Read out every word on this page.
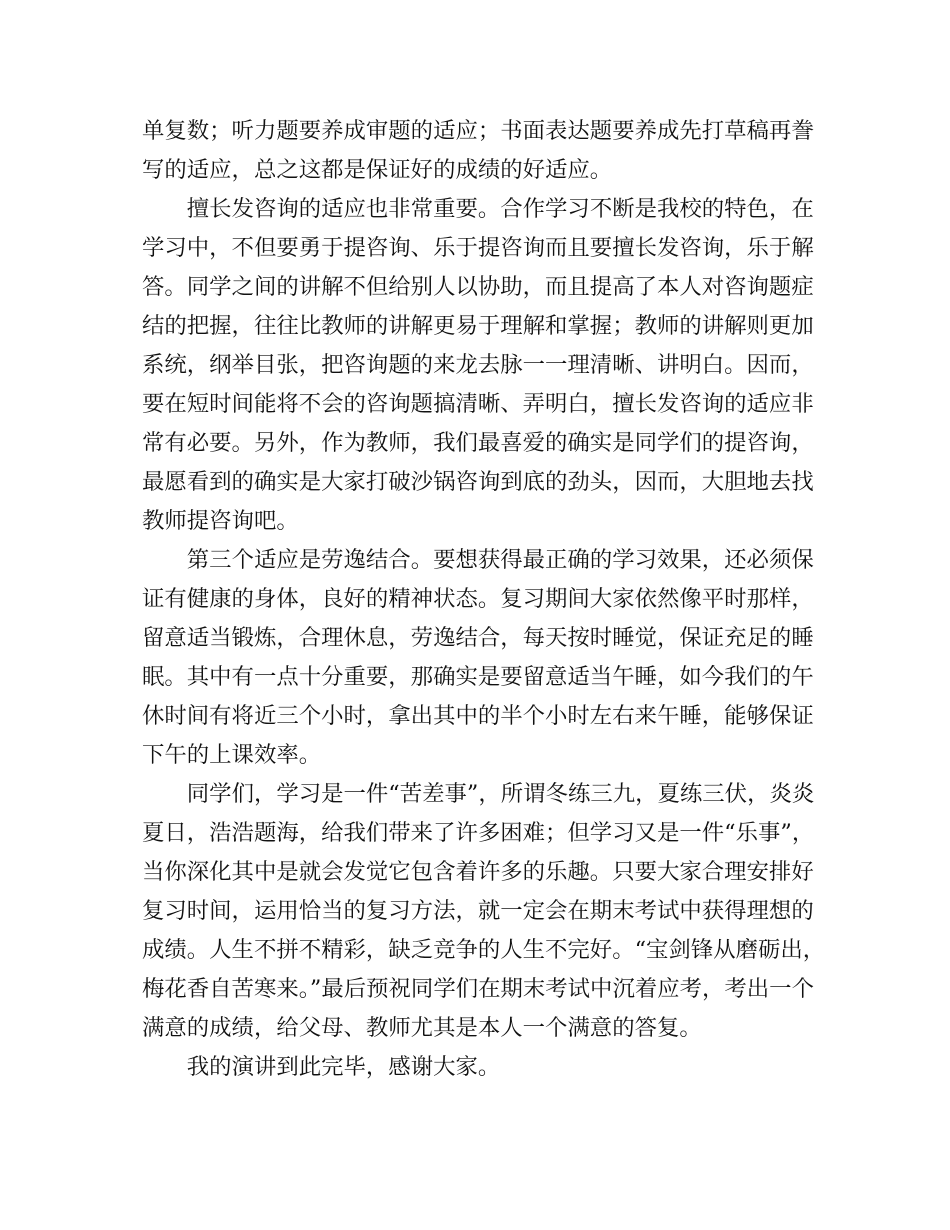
单复数；听力题要养成审题的适应；书面表达题要养成先打草稿再誊写的适应，总之这都是保证好的成绩的好适应。

擅长发咨询的适应也非常重要。合作学习不断是我校的特色，在学习中，不但要勇于提咨询、乐于提咨询而且要擅长发咨询，乐于解答。同学之间的讲解不但给别人以协助，而且提高了本人对咨询题症结的把握，往往比教师的讲解更易于理解和掌握；教师的讲解则更加系统，纲举目张，把咨询题的来龙去脉一一理清晰、讲明白。因而，要在短时间能将不会的咨询题搞清晰、弄明白，擅长发咨询的适应非常有必要。另外，作为教师，我们最喜爱的确实是同学们的提咨询，最愿看到的确实是大家打破沙锅咨询到底的劲头，因而，大胆地去找教师提咨询吧。

第三个适应是劳逸结合。要想获得最正确的学习效果，还必须保证有健康的身体，良好的精神状态。复习期间大家依然像平时那样，留意适当锻炼，合理休息，劳逸结合，每天按时睡觉，保证充足的睡眠。其中有一点十分重要，那确实是要留意适当午睡，如今我们的午休时间有将近三个小时，拿出其中的半个小时左右来午睡，能够保证下午的上课效率。

同学们，学习是一件“苦差事”，所谓冬练三九，夏练三伏，炎炎夏日，浩浩题海，给我们带来了许多困难；但学习又是一件“乐事”，当你深化其中是就会发觉它包含着许多的乐趣。只要大家合理安排好复习时间，运用恰当的复习方法，就一定会在期末考试中获得理想的成绩。人生不拼不精彩，缺乏竞争的人生不完好。“宝剑锋从磨砺出，梅花香自苦寒来。”最后预祝同学们在期末考试中沉着应考，考出一个满意的成绩，给父母、教师尤其是本人一个满意的答复。

我的演讲到此完毕，感谢大家。
